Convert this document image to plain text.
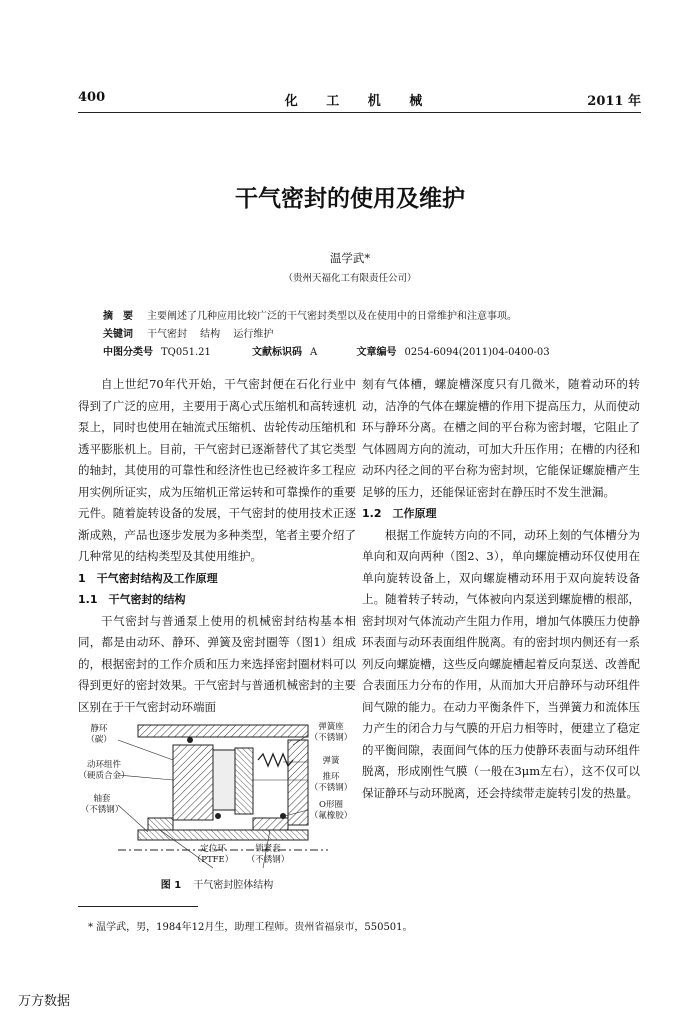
400	化 工 机 械	2011 年
干气密封的使用及维护
温学武*
（贵州天福化工有限责任公司）
摘　要 主要阐述了几种应用比较广泛的干气密封类型以及在使用中的日常维护和注意事项。
关键词 干气密封　 结构　 运行维护
中图分类号 TQ051.21	文献标识码 A	文章编号 0254-6094(2011)04-0400-03

自上世纪70年代开始，干气密封便在石化行业中得到了广泛的应用，主要用于离心式压缩机和高转速机泵上，同时也使用在轴流式压缩机、齿轮传动压缩机和透平膨胀机上。目前，干气密封已逐渐替代了其它类型的轴封，其使用的可靠性和经济性也已经被许多工程应用实例所证实，成为压缩机正常运转和可靠操作的重要元件。随着旋转设备的发展，干气密封的使用技术正逐渐成熟，产品也逐步发展为多种类型，笔者主要介绍了几种常见的结构类型及其使用维护。

1　干气密封结构及工作原理
1.1　干气密封的结构

干气密封与普通泵上使用的机械密封结构基本相同，都是由动环、静环、弹簧及密封圈等（图1）组成的，根据密封的工作介质和压力来选择密封圈材料可以得到更好的密封效果。干气密封与普通机械密封的主要区别在于干气密封动环端面

静环
（碳）
动环组件
（硬质合金）
轴套
（不锈钢）
弹簧座
（不锈钢）
弹簧
推环
（不锈钢）
O形圈
（氟橡胶）
定位环
（PTFE）
锁紧套
（不锈钢）
图 1 干气密封腔体结构

刻有气体槽，螺旋槽深度只有几微米，随着动环的转动，洁净的气体在螺旋槽的作用下提高压力，从而使动环与静环分离。在槽之间的平台称为密封堰，它阻止了气体圆周方向的流动，可加大升压作用；在槽的内径和动环内径之间的平台称为密封坝，它能保证螺旋槽产生足够的压力，还能保证密封在静压时不发生泄漏。

1.2　工作原理

根据工作旋转方向的不同，动环上刻的气体槽分为单向和双向两种（图2、3），单向螺旋槽动环仅使用在单向旋转设备上，双向螺旋槽动环用于双向旋转设备上。随着转子转动，气体被向内泵送到螺旋槽的根部，密封坝对气体流动产生阻力作用，增加气体膜压力使静环表面与动环表面组件脱离。有的密封坝内侧还有一系列反向螺旋槽，这些反向螺旋槽起着反向泵送、改善配合表面压力分布的作用，从而加大开启静环与动环组件间气隙的能力。在动力平衡条件下，当弹簧力和流体压力产生的闭合力与气膜的开启力相等时，便建立了稳定的平衡间隙，表面间气体的压力使静环表面与动环组件脱离，形成刚性气膜（一般在3μm左右），这不仅可以保证静环与动环脱离，还会持续带走旋转引发的热量。

* 温学武，男，1984年12月生，助理工程师。贵州省福泉市，550501。
万方数据
